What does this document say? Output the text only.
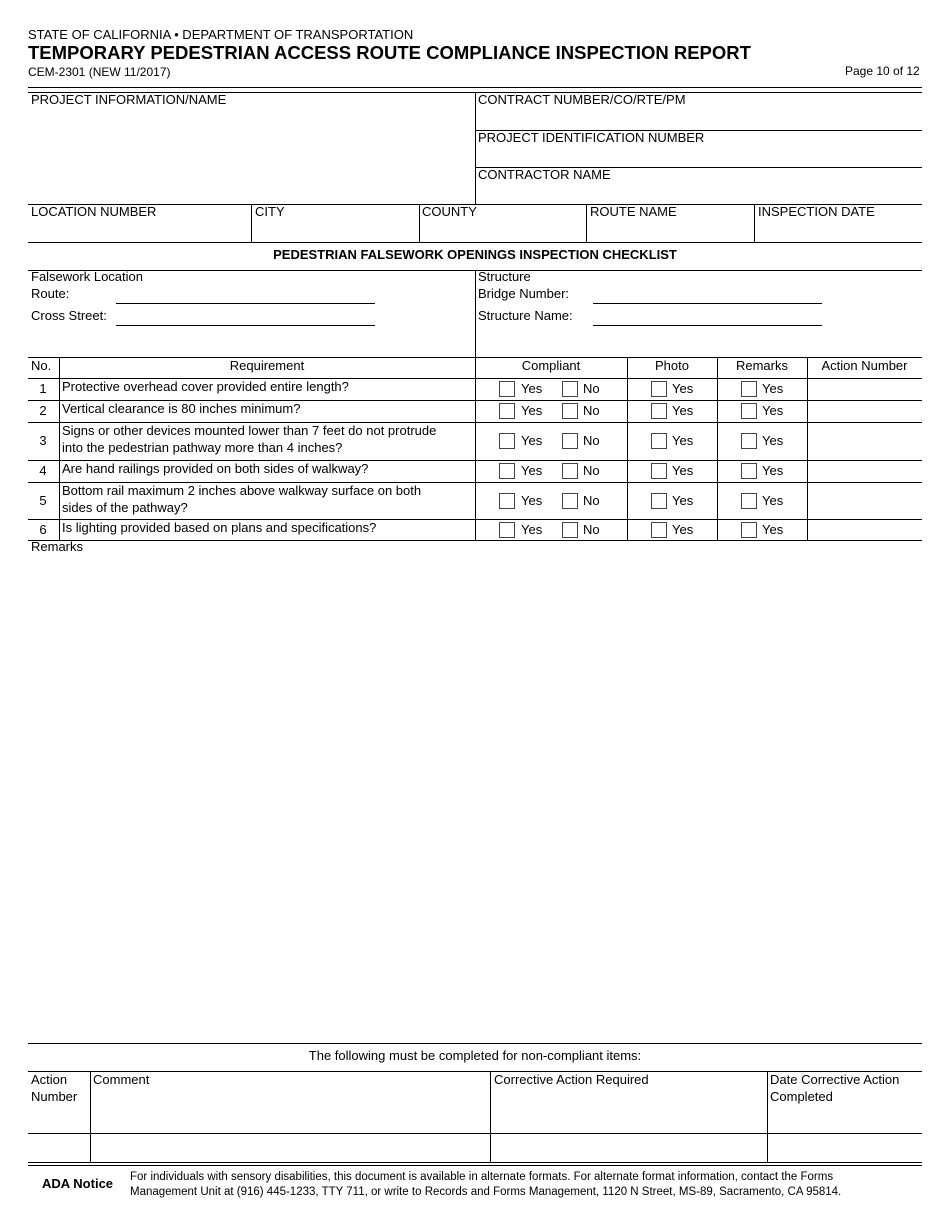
STATE OF CALIFORNIA • DEPARTMENT OF TRANSPORTATION
TEMPORARY PEDESTRIAN ACCESS ROUTE COMPLIANCE INSPECTION REPORT
CEM-2301 (NEW 11/2017)	Page 10 of 12
PROJECT INFORMATION/NAME	CONTRACT NUMBER/CO/RTE/PM
PROJECT IDENTIFICATION NUMBER
CONTRACTOR NAME
LOCATION NUMBER	CITY	COUNTY	ROUTE NAME	INSPECTION DATE
PEDESTRIAN FALSEWORK OPENINGS INSPECTION CHECKLIST
Falsework Location
Route:
Cross Street:
Structure
Bridge Number:
Structure Name:
No.	Requirement	Compliant	Photo	Remarks	Action Number
1	Protective overhead cover provided entire length?	Yes	No	Yes	Yes
2	Vertical clearance is 80 inches minimum?	Yes	No	Yes	Yes
3
Signs or other devices mounted lower than 7 feet do not protrude
into the pedestrian pathway more than 4 inches?	Yes	No	Yes	Yes
4	Are hand railings provided on both sides of walkway?	Yes	No	Yes	Yes
5
Bottom rail maximum 2 inches above walkway surface on both
sides of the pathway?	Yes	No	Yes	Yes
6	Is lighting provided based on plans and specifications?	Yes	No	Yes	Yes
Remarks
The following must be completed for non-compliant items:
Action
Number
Comment	Corrective Action Required	Date Corrective Action
Completed
ADA Notice For individuals with sensory disabilities, this document is available in alternate formats. For alternate format information, contact the Forms
Management Unit at (916) 445-1233, TTY 711, or write to Records and Forms Management, 1120 N Street, MS-89, Sacramento, CA 95814.
